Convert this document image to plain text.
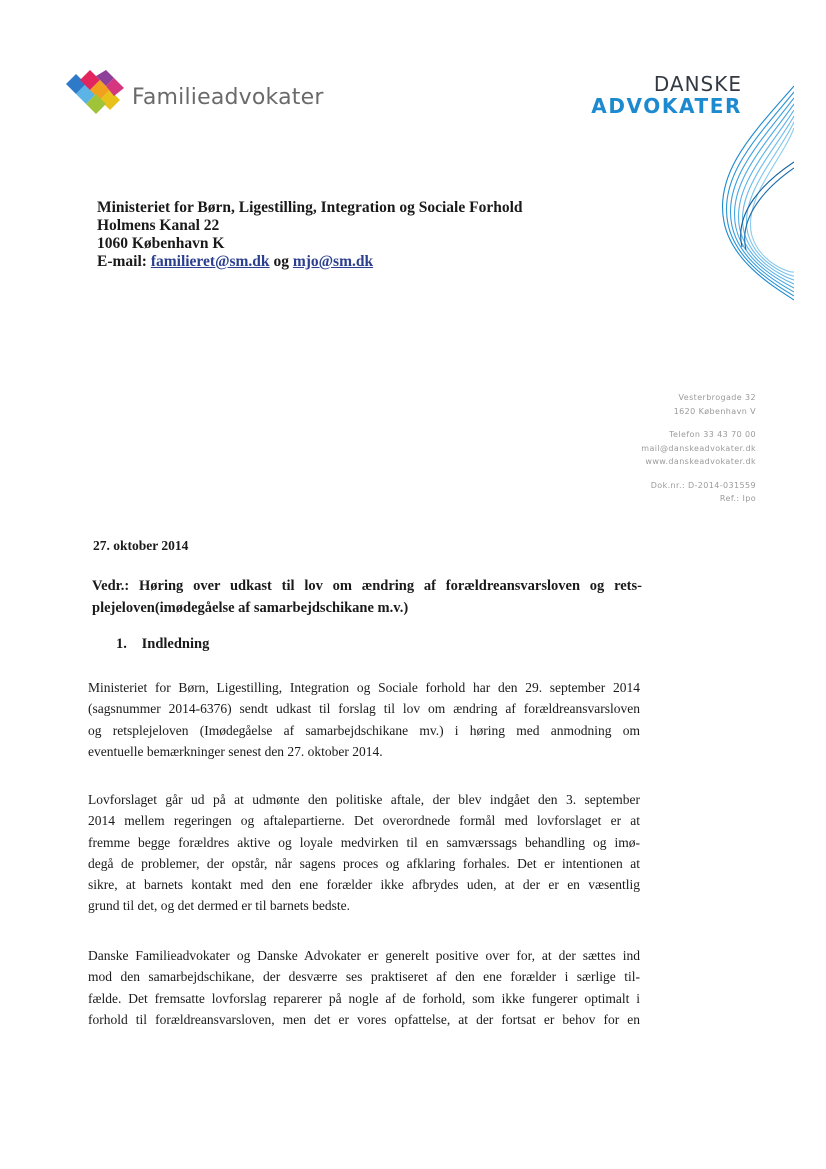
Familieadvokater
DANSKE
ADVOKATER
Ministeriet for Børn, Ligestilling, Integration og Sociale Forhold
Holmens Kanal 22
1060 København K
E-mail: familieret@sm.dk og mjo@sm.dk
Vesterbrogade 32
1620 København V
Telefon 33 43 70 00
mail@danskeadvokater.dk
www.danskeadvokater.dk
Dok.nr.: D-2014-031559
Ref.: Ipo
27. oktober 2014
Vedr.: Høring over udkast til lov om ændring af forældreansvarsloven og rets-
plejeloven(imødegåelse af samarbejdschikane m.v.)
1. Indledning
Ministeriet for Børn, Ligestilling, Integration og Sociale forhold har den 29. september 2014
(sagsnummer 2014-6376) sendt udkast til forslag til lov om ændring af forældreansvarsloven
og retsplejeloven (Imødegåelse af samarbejdschikane mv.) i høring med anmodning om
eventuelle bemærkninger senest den 27. oktober 2014.
Lovforslaget går ud på at udmønte den politiske aftale, der blev indgået den 3. september
2014 mellem regeringen og aftalepartierne. Det overordnede formål med lovforslaget er at
fremme begge forældres aktive og loyale medvirken til en samværssags behandling og imø-
degå de problemer, der opstår, når sagens proces og afklaring forhales. Det er intentionen at
sikre, at barnets kontakt med den ene forælder ikke afbrydes uden, at der er en væsentlig
grund til det, og det dermed er til barnets bedste.
Danske Familieadvokater og Danske Advokater er generelt positive over for, at der sættes ind
mod den samarbejdschikane, der desværre ses praktiseret af den ene forælder i særlige til-
fælde. Det fremsatte lovforslag reparerer på nogle af de forhold, som ikke fungerer optimalt i
forhold til forældreansvarsloven, men det er vores opfattelse, at der fortsat er behov for en
